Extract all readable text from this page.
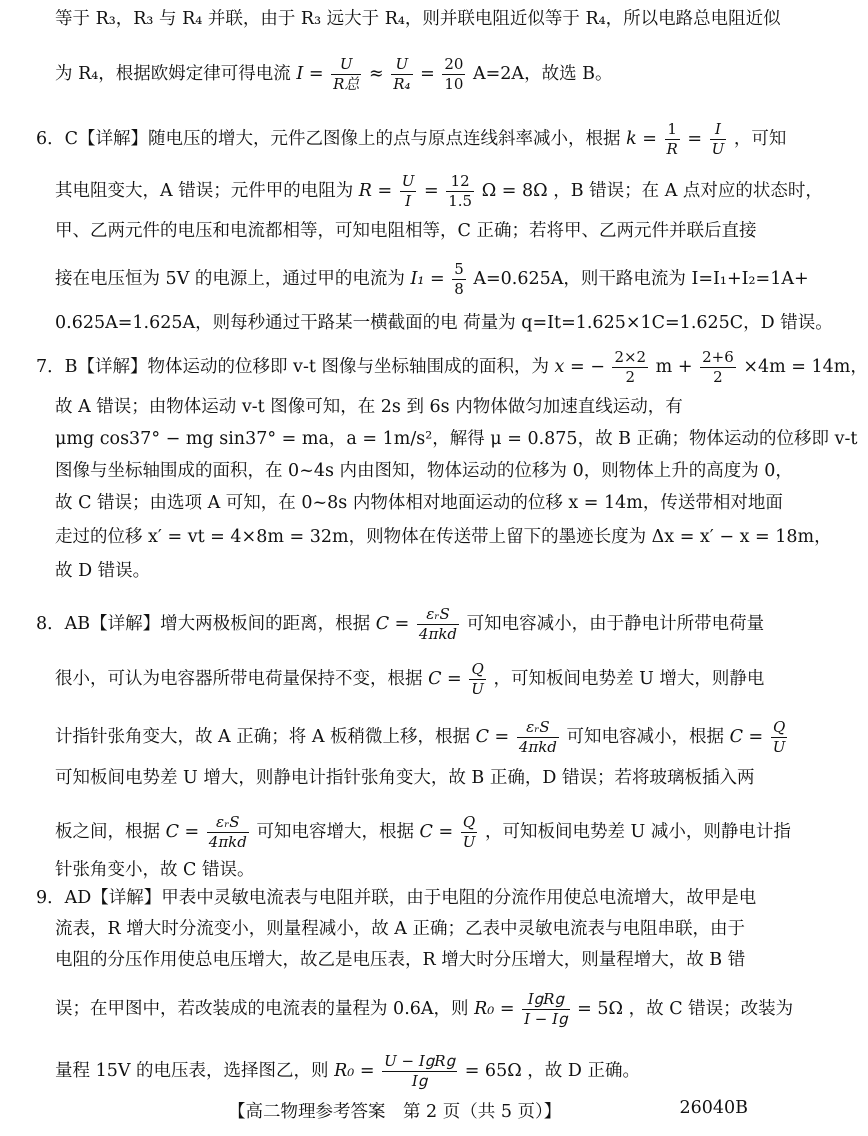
等于 R₃，R₃ 与 R₄ 并联，由于 R₃ 远大于 R₄，则并联电阻近似等于 R₄，所以电路总电阻近似
为 R₄，根据欧姆定律可得电流 $I = \frac{U}{\text{R总}} \approx \frac{U}{\text{R₄}} = \frac{20}{10} A=2A$，故选 B。
6．C【详解】随电压的增大，元件乙图像上的点与原点连线斜率减小，根据 $k = \frac{1}{R} = \frac{I}{U}$ ，可知
其电阻变大，A 错误；元件甲的电阻为 $R = \frac{U}{I} = \frac{12}{1.5}$ Ω = 8Ω ，B 错误；在 A 点对应的状态时，
甲、乙两元件的电压和电流都相等，可知电阻相等，C 正确；若将甲、乙两元件并联后直接
接在电压恒为 5V 的电源上，通过甲的电流为 $I_1 = \frac{5}{8} A=0.625A$，则干路电流为 I=I₁+I₂=1A+
0.625A=1.625A，则每秒通过干路某一横截面的电 荷量为 q=It=1.625×1C=1.625C，D 错误。
7．B【详解】物体运动的位移即 v-t 图像与坐标轴围成的面积，为 x = − $\frac{2\times 2}{2}$ $m + \frac{2+6}{2} \times 4m = 14m$，
故 A 错误；由物体运动 v-t 图像可知，在 2s 到 6s 内物体做匀加速直线运动，有
μmg cos37° − mg sin37° = ma，a = 1m/s²，解得 μ = 0.875，故 B 正确；物体运动的位移即 v-t
图像与坐标轴围成的面积，在 0~4s 内由图知，物体运动的位移为 0，则物体上升的高度为 0，
故 C 错误；由选项 A 可知，在 0~8s 内物体相对地面运动的位移 x = 14m，传送带相对地面
走过的位移 x′ = vt = 4×8m = 32m，则物体在传送带上留下的墨迹长度为 Δx = x′ − x = 18m，
故 D 错误。
8．AB【详解】增大两极板间的距离，根据 $C = \frac{\text{εᵣS}}{\text{4πkd}}$ 可知电容减小，由于静电计所带电荷量
很小，可认为电容器所带电荷量保持不变，根据 $C = \frac{Q}{U}$ ，可知板间电势差 U 增大，则静电
计指针张角变大，故 A 正确；将 A 板稍微上移，根据 $C = \frac{\text{εᵣS}}{\text{4πkd}}$ 可知电容减小，根据 $C = \frac{Q}{U}$
可知板间电势差 U 增大，则静电计指针张角变大，故 B 正确，D 错误；若将玻璃板插入两
板之间，根据 $C = \frac{\text{εᵣS}}{\text{4πkd}}$ 可知电容增大，根据 $C = \frac{Q}{U}$ ，可知板间电势差 U 减小，则静电计指
针张角变小，故 C 错误。
9．AD【详解】甲表中灵敏电流表与电阻并联，由于电阻的分流作用使总电流增大，故甲是电
流表，R 增大时分流变小，则量程减小，故 A 正确；乙表中灵敏电流表与电阻串联，由于
电阻的分压作用使总电压增大，故乙是电压表，R 增大时分压增大，则量程增大，故 B 错
误；在甲图中，若改装成的电流表的量程为 0.6A，则 $R_0 = \frac{\text{I𝗀R𝗀}}{\text{I − I𝗀}} = 5\Omega$ ，故 C 错误；改装为
量程 15V 的电压表，选择图乙，则 $R_0 = \frac{\text{U − I𝗀R𝗀}}{\text{I𝗀}} = 65\Omega$ ，故 D 正确。
【高二物理参考答案　第 2 页（共 5 页）】	26040B
